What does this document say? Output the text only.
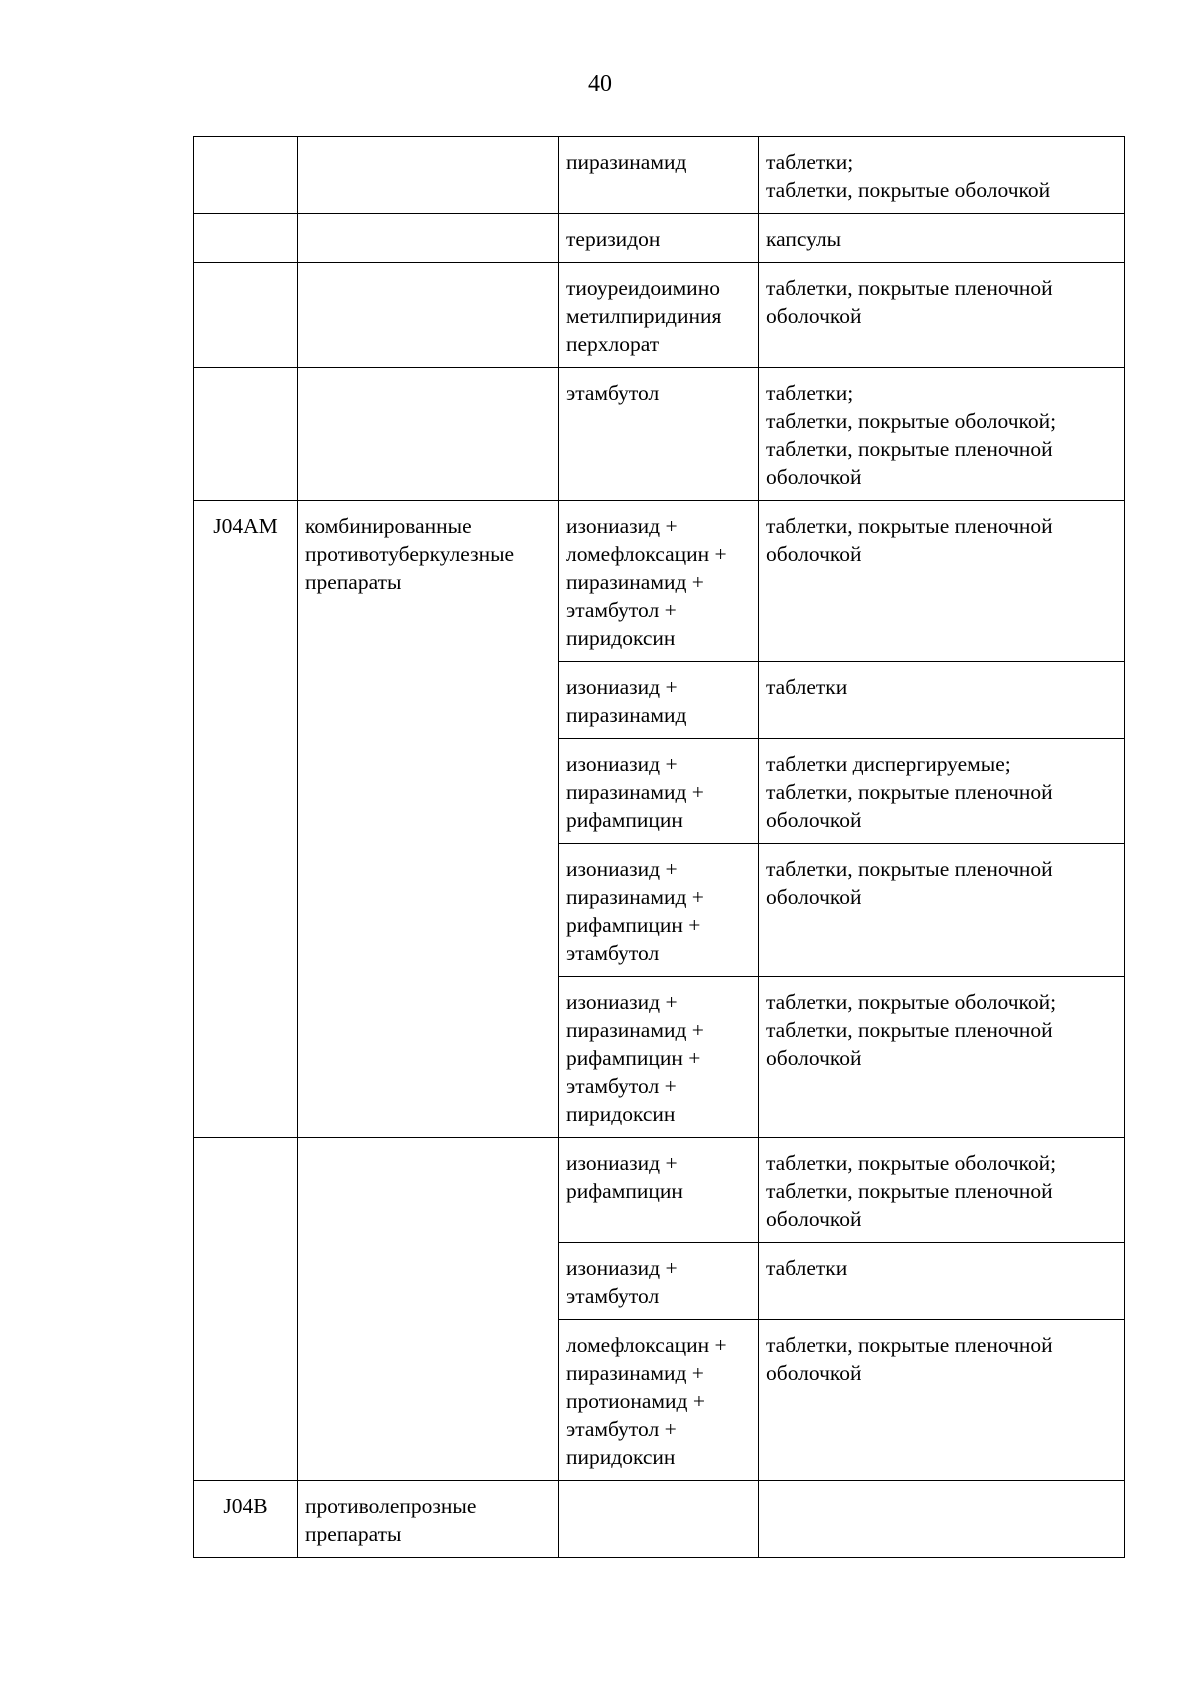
40
		пиразинамид	таблетки;
таблетки, покрытые оболочкой

		теризидон	капсулы

		тиоуреидоимино метилпиридиния перхлорат	таблетки, покрытые пленочной оболочкой

		этамбутол	таблетки;
таблетки, покрытые оболочкой;
таблетки, покрытые пленочной оболочкой

J04AM	комбинированные противотуберкулезные препараты	изониазид + ломефлоксацин + пиразинамид + этамбутол + пиридоксин	таблетки, покрытые пленочной оболочкой

		изониазид + пиразинамид	таблетки

		изониазид + пиразинамид + рифампицин	таблетки диспергируемые;
таблетки, покрытые пленочной оболочкой

		изониазид + пиразинамид + рифампицин + этамбутол	таблетки, покрытые пленочной оболочкой

		изониазид + пиразинамид + рифампицин + этамбутол + пиридоксин	таблетки, покрытые оболочкой;
таблетки, покрытые пленочной оболочкой

		изониазид + рифампицин	таблетки, покрытые оболочкой;
таблетки, покрытые пленочной оболочкой

		изониазид + этамбутол	таблетки

		ломефлоксацин + пиразинамид + протионамид + этамбутол + пиридоксин	таблетки, покрытые пленочной оболочкой

J04B	противолепрозные препараты		
